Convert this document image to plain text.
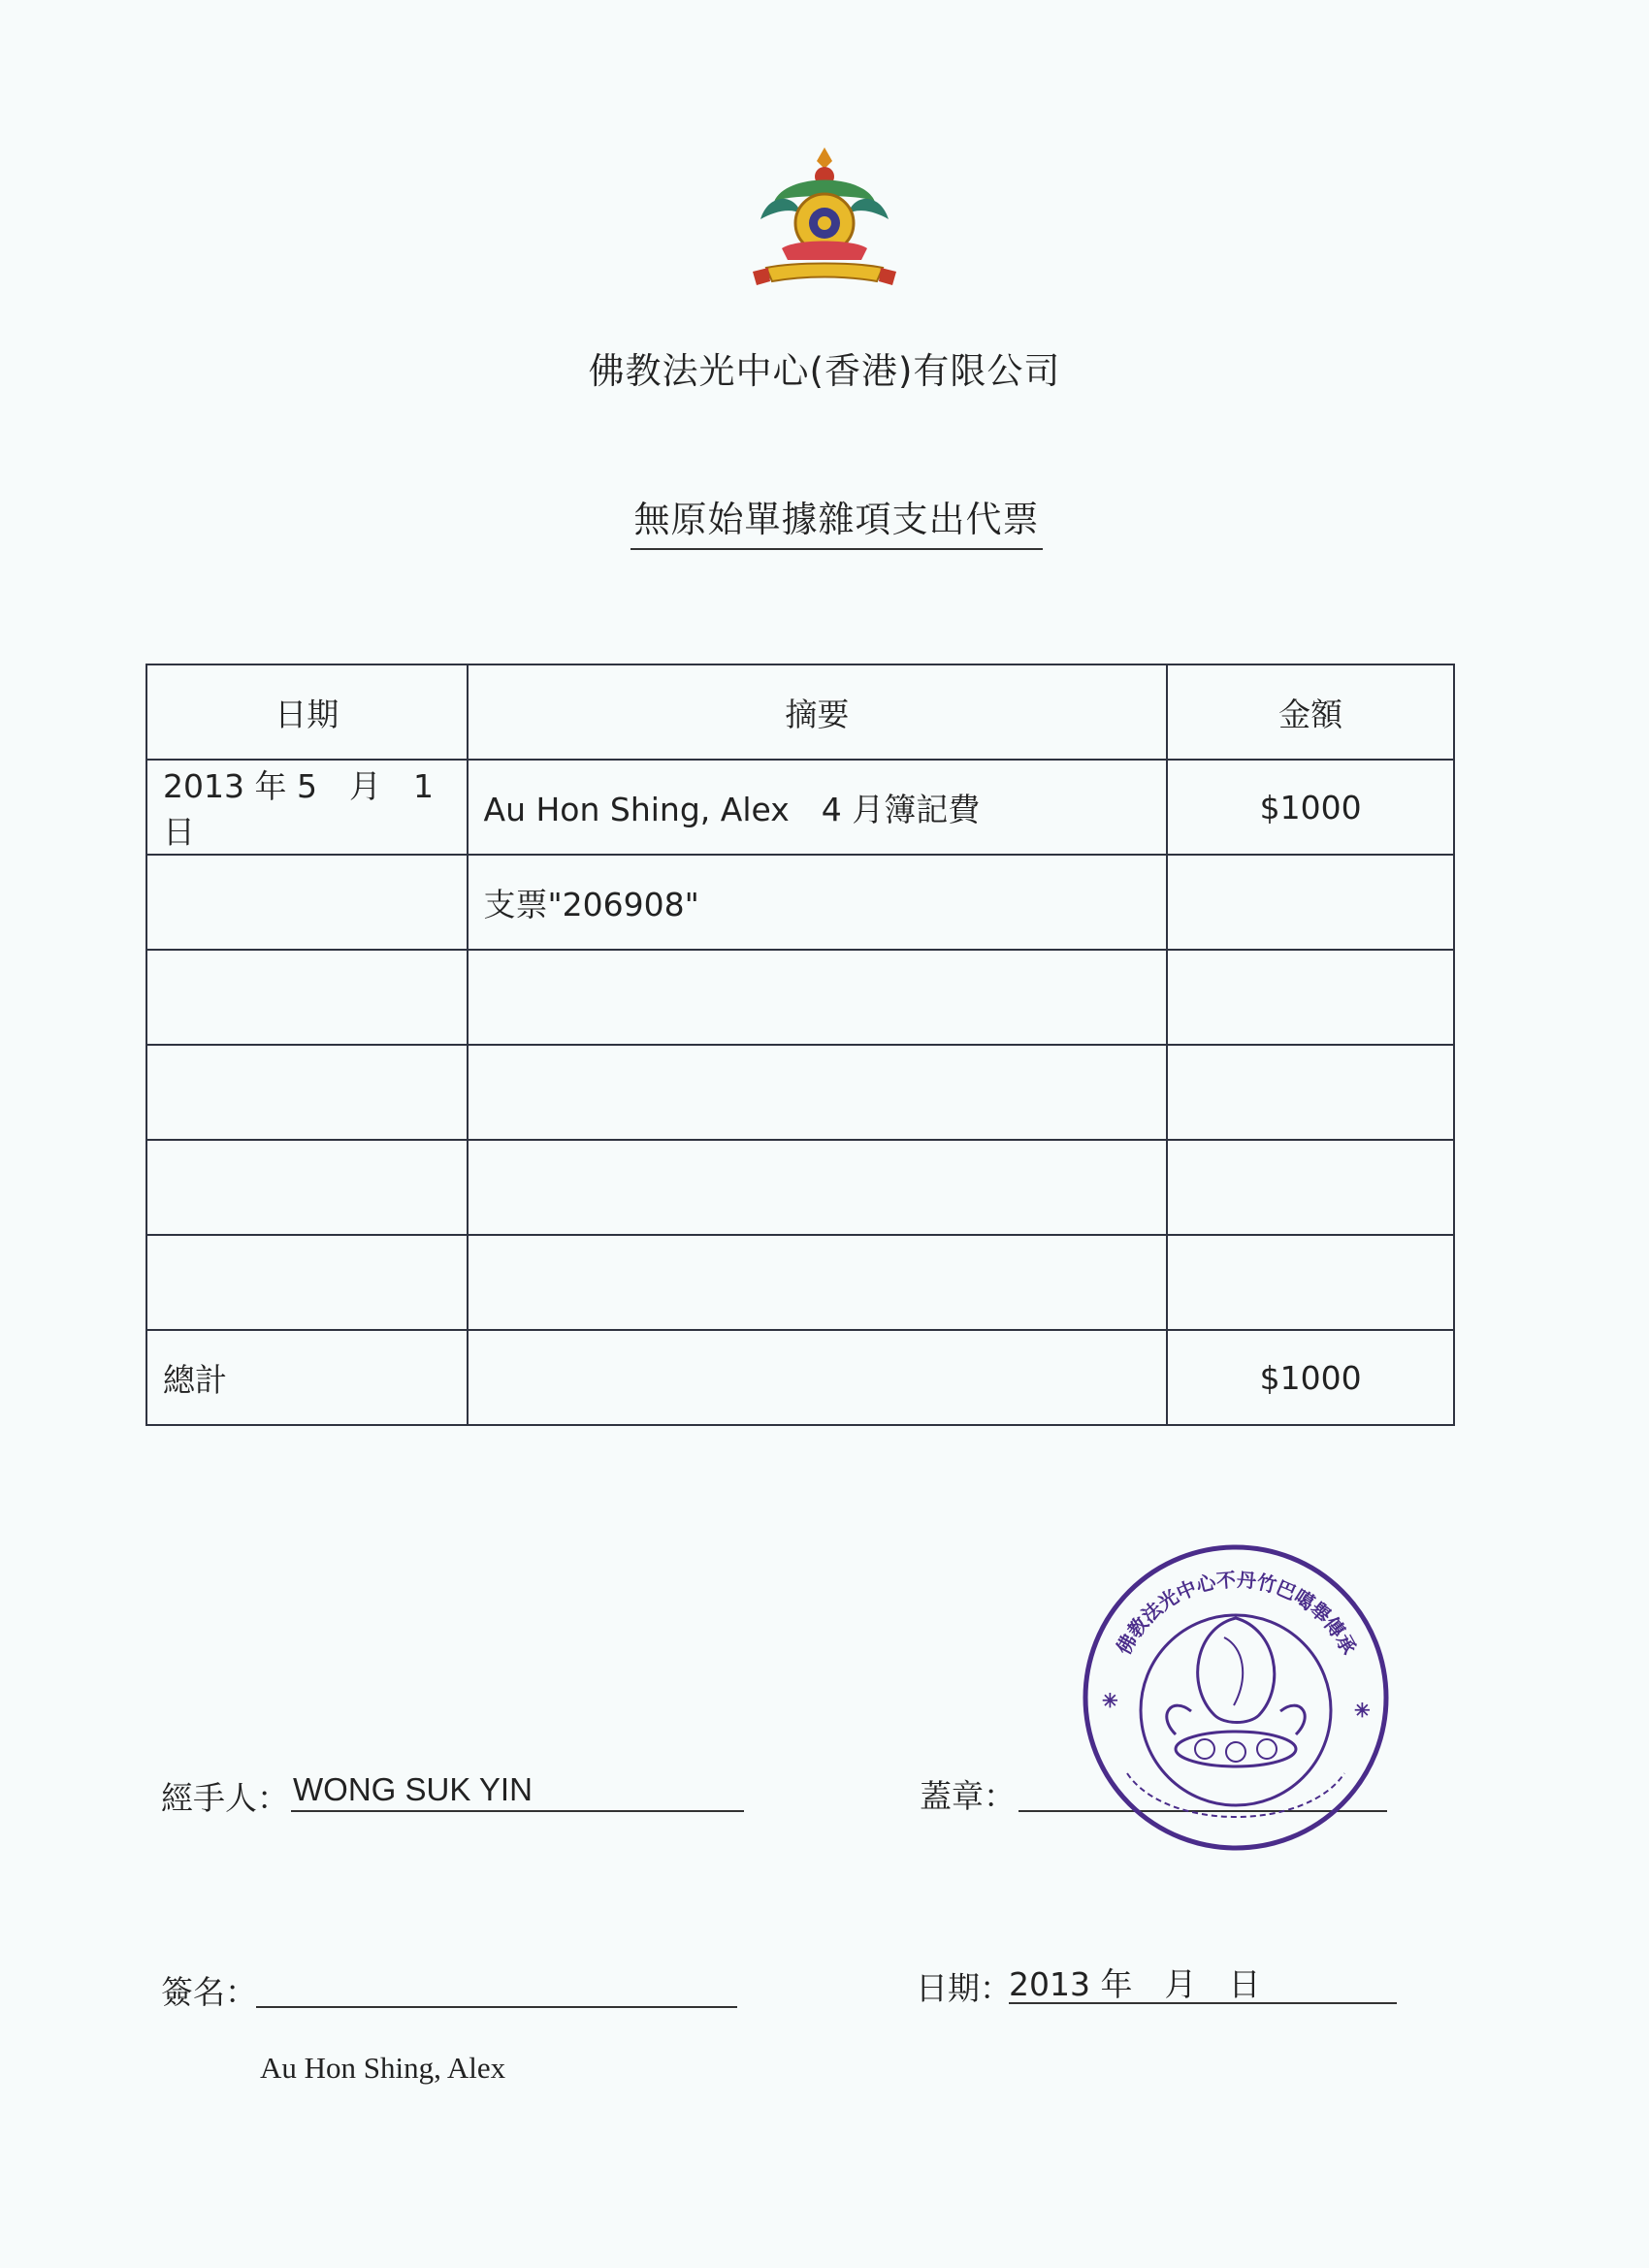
佛教法光中心(香港)有限公司
無原始單據雜項支出代票
日期	摘要	金額
2013 年 5　月　1 日	Au Hon Shing, Alex　4 月簿記費	$1000
	支票"206908"	

總計		$1000
經手人： WONG SUK YIN	蓋章：
簽名：
Au Hon Shing, Alex
日期：
2013 年　月　日
佛教法光中心不丹竹巴噶舉傳承
✳	✳
